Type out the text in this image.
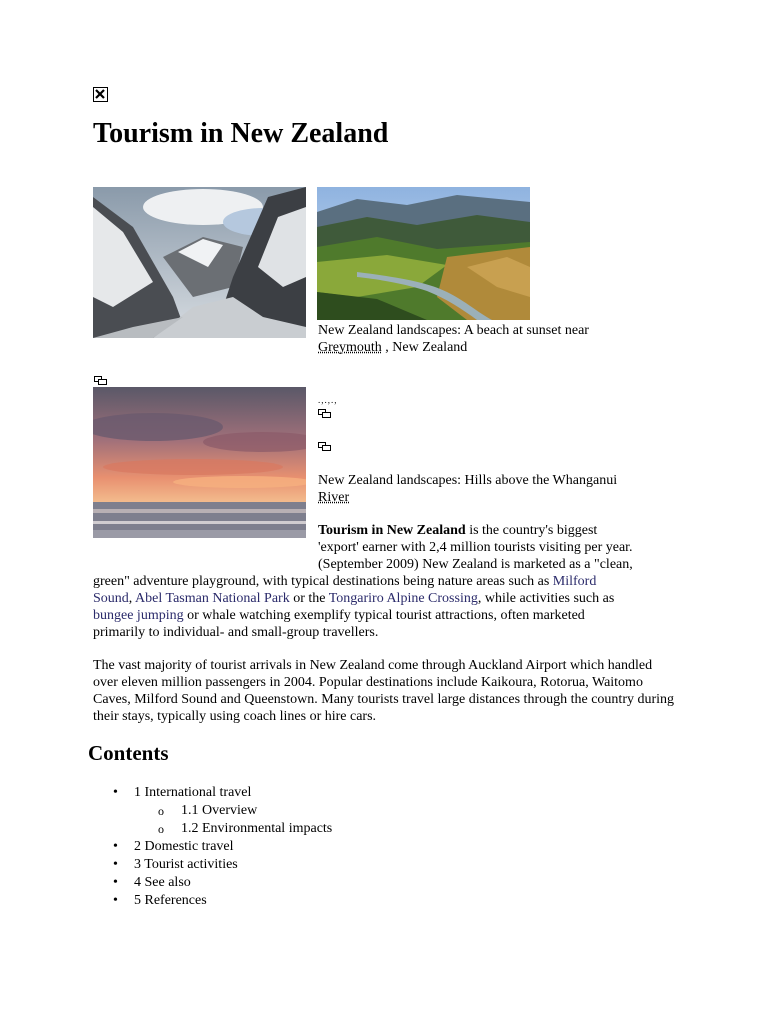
Tourism in New Zealand
New Zealand landscapes: A beach at sunset near
Greymouth , New Zealand
.,.,.,
New Zealand landscapes: Hills above the Whanganui
River
Tourism in New Zealand is the country's biggest
'export' earner with 2,4 million tourists visiting per year.
(September 2009) New Zealand is marketed as a "clean,
green" adventure playground, with typical destinations being nature areas such as Milford
Sound, Abel Tasman National Park or the Tongariro Alpine Crossing, while activities such as
bungee jumping or whale watching exemplify typical tourist attractions, often marketed
primarily to individual- and small-group travellers.

The vast majority of tourist arrivals in New Zealand come through Auckland Airport which handled over eleven million passengers in 2004. Popular destinations include Kaikoura, Rotorua, Waitomo Caves, Milford Sound and Queenstown. Many tourists travel large distances through the country during their stays, typically using coach lines or hire cars.

Contents
• 1 International travel
o 1.1 Overview
o 1.2 Environmental impacts
• 2 Domestic travel
• 3 Tourist activities
• 4 See also
• 5 References
